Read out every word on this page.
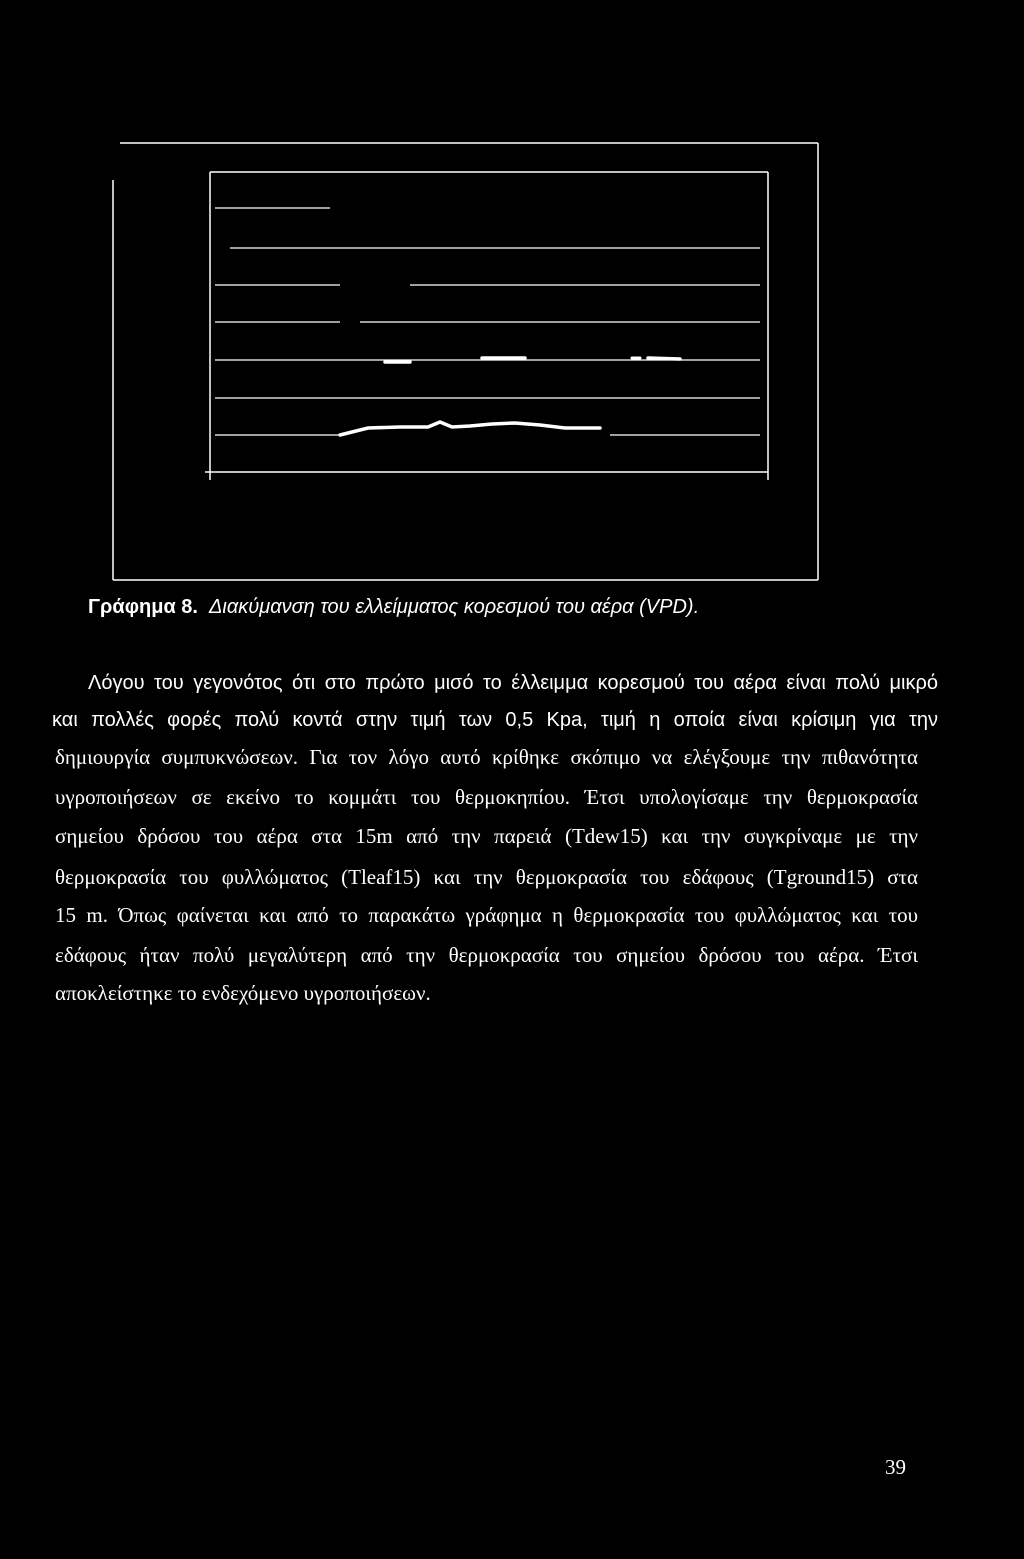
Γράφημα 8. Διακύμανση του ελλείμματος κορεσμού του αέρα (VPD).
Λόγου του γεγονότος ότι στο πρώτο μισό το έλλειμμα κορεσμού του αέρα είναι πολύ μικρό
και πολλές φορές πολύ κοντά στην τιμή των 0,5 Kpa, τιμή η οποία είναι κρίσιμη για την
δημιουργία συμπυκνώσεων. Για τον λόγο αυτό κρίθηκε σκόπιμο να ελέγξουμε την πιθανότητα
υγροποιήσεων σε εκείνο το κομμάτι του θερμοκηπίου. Έτσι υπολογίσαμε την θερμοκρασία
σημείου δρόσου του αέρα στα 15m από την παρειά (Tdew15) και την συγκρίναμε με την
θερμοκρασία του φυλλώματος (Tleaf15) και την θερμοκρασία του εδάφους (Tground15) στα
15 m. Όπως φαίνεται και από το παρακάτω γράφημα η θερμοκρασία του φυλλώματος και του
εδάφους ήταν πολύ μεγαλύτερη από την θερμοκρασία του σημείου δρόσου του αέρα. Έτσι
αποκλείστηκε το ενδεχόμενο υγροποιήσεων.
39
